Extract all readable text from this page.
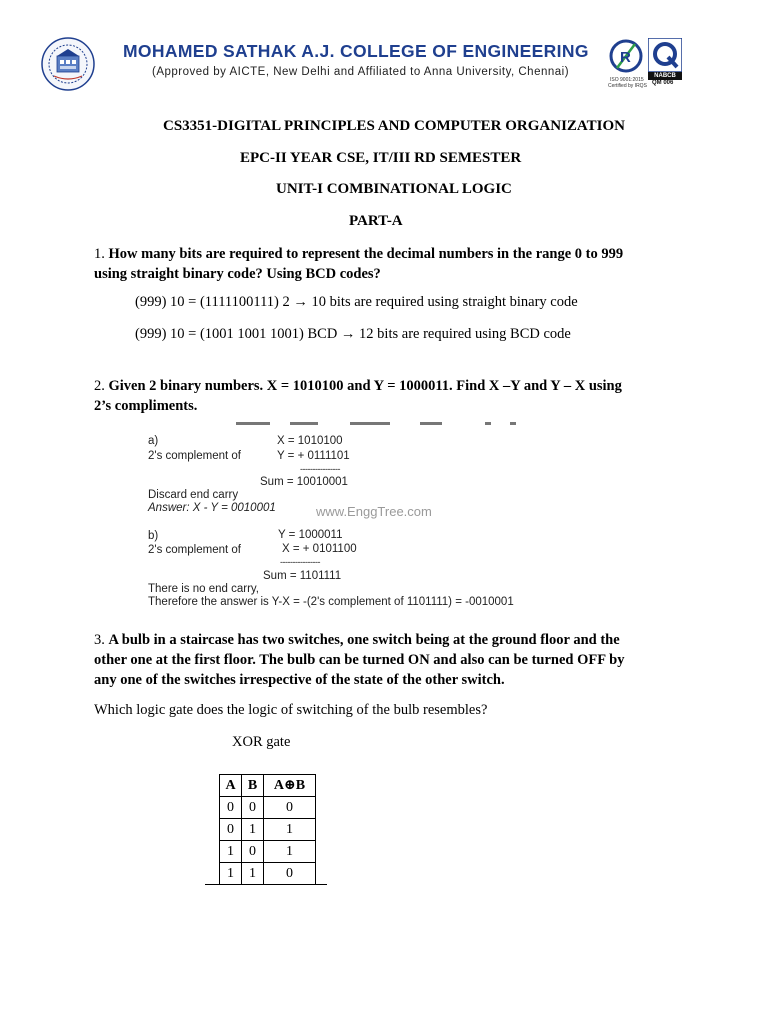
MOHAMED SATHAK A.J. COLLEGE OF ENGINEERING
(Approved by AICTE, New Delhi and Affiliated to Anna University, Chennai)
R
NABCB
QM 006
ISO 9001:2015
Certified by IRQS
CS3351-DIGITAL PRINCIPLES AND COMPUTER ORGANIZATION
EPC-II YEAR CSE, IT/III RD SEMESTER
UNIT-I COMBINATIONAL LOGIC
PART-A
1. How many bits are required to represent the decimal numbers in the range 0 to 999
using straight binary code? Using BCD codes?
(999) 10 = (1111100111) 2 → 10 bits are required using straight binary code
(999) 10 = (1001 1001 1001) BCD → 12 bits are required using BCD code
2. Given 2 binary numbers. X = 1010100 and Y = 1000011. Find X –Y and Y – X using
2’s compliments.
a)	X = 1010100
2's complement of	Y = + 0111101
----------------
Sum = 10010001
Discard end carry
Answer: X - Y = 0010001	www.EnggTree.com
b)	Y = 1000011
2's complement of	X = + 0101100
----------------
Sum = 1101111
There is no end carry,
Therefore the answer is Y-X = -(2's complement of 1101111) = -0010001
3. A bulb in a staircase has two switches, one switch being at the ground floor and the
other one at the first floor. The bulb can be turned ON and also can be turned OFF by
any one of the switches irrespective of the state of the other switch.
Which logic gate does the logic of switching of the bulb resembles?
XOR gate
A	B	A⊕B
0	0	0
0	1	1
1	0	1
1	1	0
